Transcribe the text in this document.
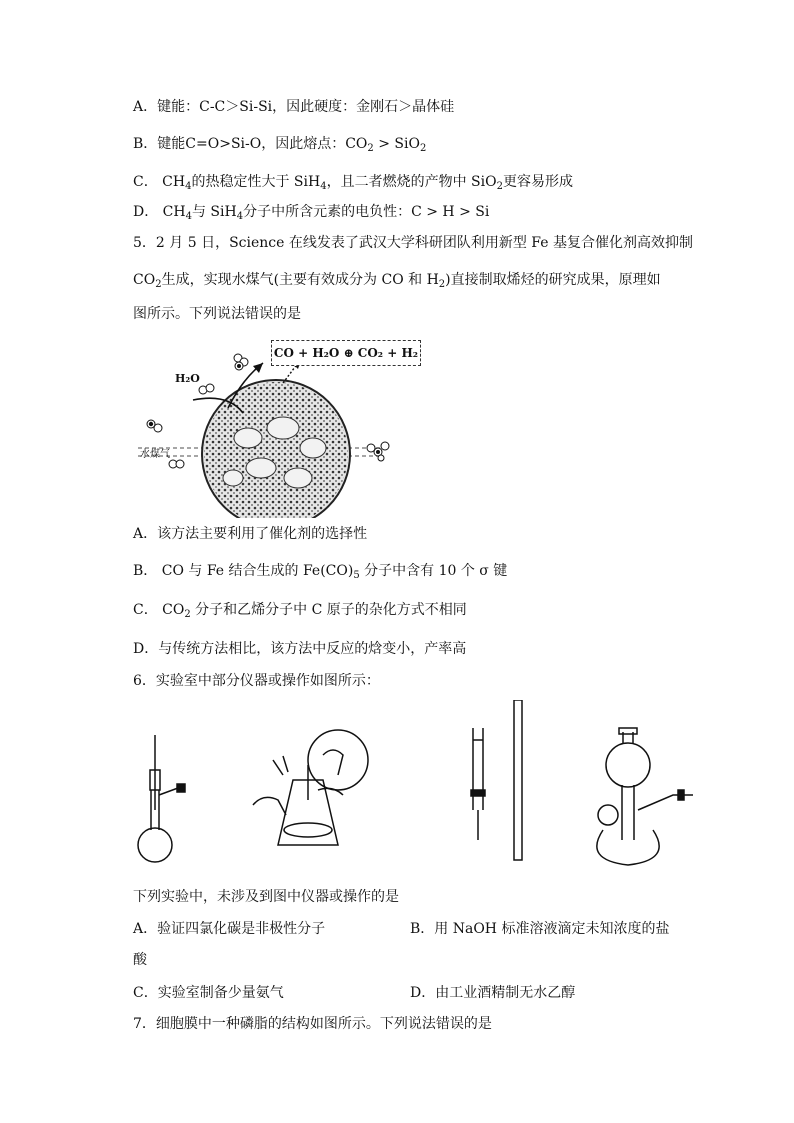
A．键能：C-C＞Si-Si，因此硬度：金刚石＞晶体硅
B．键能C=O>Si-O，因此熔点：$CO_2 > SiO_2$
C． $CH_4$的热稳定性大于 SiH$_4$，且二者燃烧的产物中 SiO$_2$更容易形成
D． $CH_4$与 SiH$_4$分子中所含元素的电负性：C > H > Si
5．2 月 5 日，Science 在线发表了武汉大学科研团队利用新型 Fe 基复合催化剂高效抑制
$CO_2$生成，实现水煤气(主要有效成分为 CO 和 $H_2$)直接制取烯烃的研究成果，原理如
图所示。下列说法错误的是
CO + H₂O ⊕ CO₂ + H₂
H₂O
水煤气
A．该方法主要利用了催化剂的选择性
B． CO 与 Fe 结合生成的 $Fe(CO)_5$ 分子中含有 10 个 σ 键
C． $CO_2$ 分子和乙烯分子中 C 原子的杂化方式不相同
D．与传统方法相比，该方法中反应的焓变小，产率高
6．实验室中部分仪器或操作如图所示：
下列实验中，未涉及到图中仪器或操作的是
A．验证四氯化碳是非极性分子	B．用 NaOH 标准溶液滴定未知浓度的盐
酸
C．实验室制备少量氨气	D．由工业酒精制无水乙醇
7．细胞膜中一种磷脂的结构如图所示。下列说法错误的是
